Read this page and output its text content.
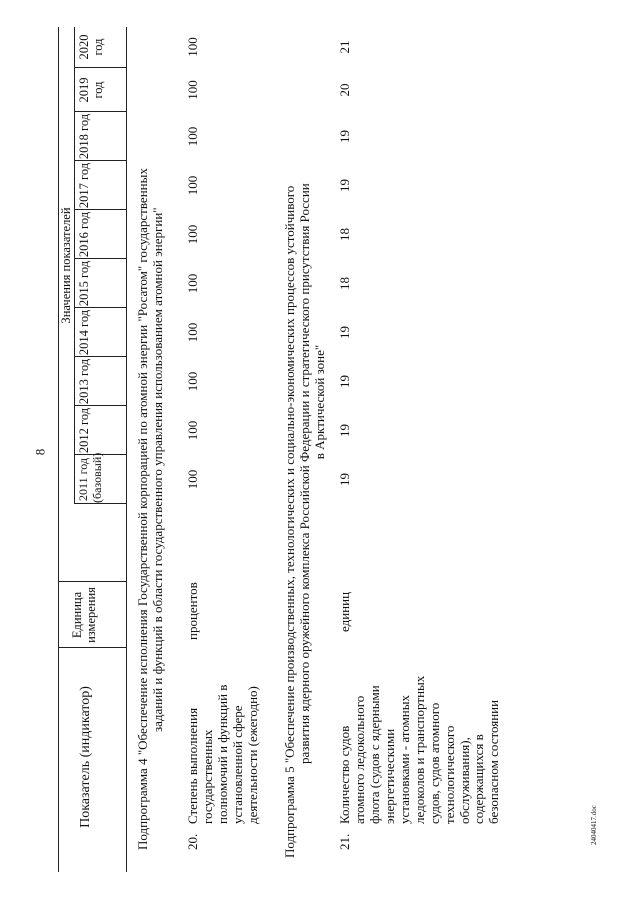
8
24040417.doc
Показатель (индикатор)
Единица измерения
Значения показателей
2011 год (базовый)
2012 год
2013 год
2014 год
2015 год
2016 год
2017 год
2018 год
2019 год
2020 год
Подпрограмма 4 "Обеспечение исполнения Государственной корпорацией по атомной энергии "Росатом" государственных заданий и функций в области государственного управления использованием атомной энергии"
20.
Степень выполнения государственных полномочий и функций в установленной сфере деятельности (ежегодно)
процентов
100
100
100
100
100
100
100
100
100
100
Подпрограмма 5 "Обеспечение производственных, технологических и социально-экономических процессов устойчивого развития ядерного оружейного комплекса Российской Федерации и стратегического присутствия России в Арктической зоне"
21.
Количество судов атомного ледокольного флота (судов с ядерными энергетическими установками - атомных ледоколов и транспортных судов, судов атомного технологического обслуживания), содержащихся в безопасном состоянии
единиц
19
19
19
19
18
18
19
19
20
21
